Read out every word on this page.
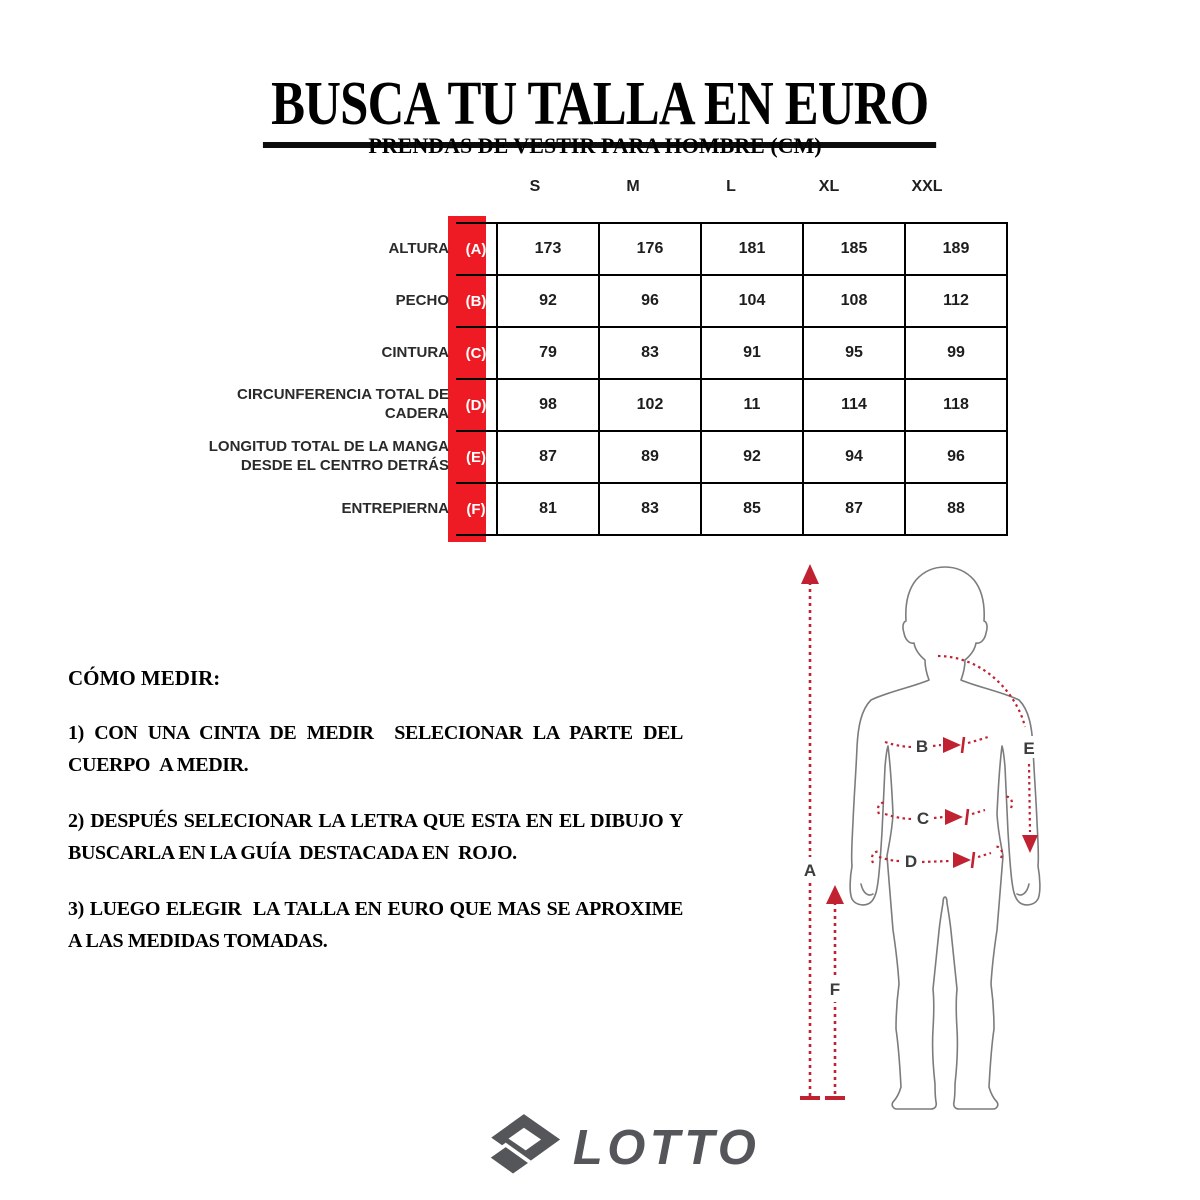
BUSCA TU TALLA EN EURO
PRENDAS DE VESTIR PARA HOMBRE (CM)
S	M	L	XL	XXL
ALTURA	(A)	173	176	181	185	189
PECHO	(B)	92	96	104	108	112
CINTURA	(C)	79	83	91	95	99
CIRCUNFERENCIA TOTAL DE CADERA	(D)	98	102	11	114	118
LONGITUD TOTAL DE LA MANGA DESDE EL CENTRO DETRÁS	(E)	87	89	92	94	96
ENTREPIERNA	(F)	81	83	85	87	88

CÓMO MEDIR:

1) CON UNA CINTA DE MEDIR  SELECIONAR LA PARTE DEL CUERPO  A MEDIR.

2) DESPUÉS SELECIONAR LA LETRA QUE ESTA EN EL DIBUJO Y BUSCARLA EN LA GUÍA  DESTACADA EN  ROJO.

3) LUEGO ELEGIR  LA TALLA EN EURO QUE MAS SE APROXIME A LAS MEDIDAS TOMADAS.

A
F
B
C
D
E
LOTTO
